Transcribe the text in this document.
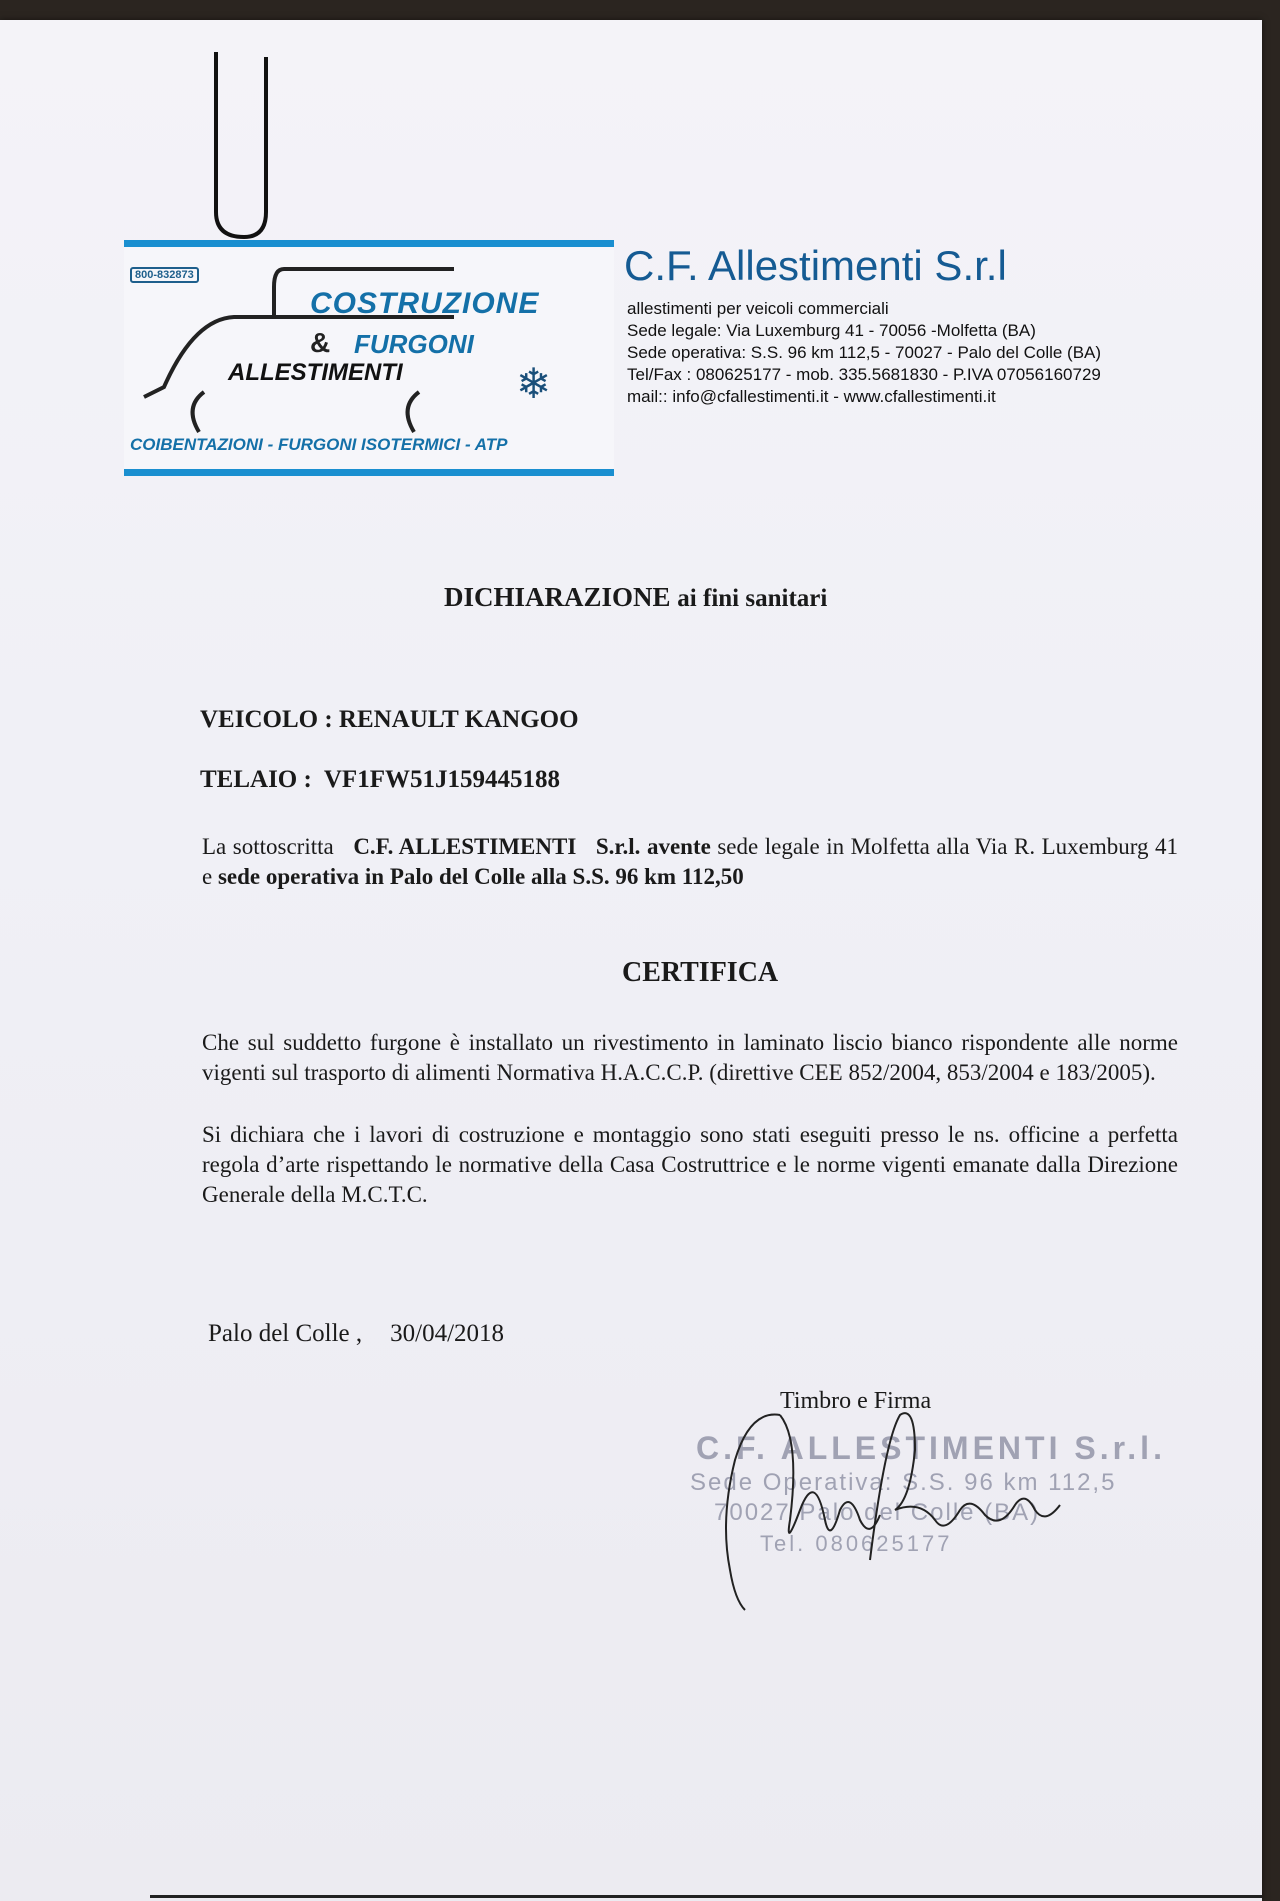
800-832873
COSTRUZIONE
& FURGONI
ALLESTIMENTI	❄
COIBENTAZIONI - FURGONI ISOTERMICI - ATP
C.F. Allestimenti S.r.l
allestimenti per veicoli commerciali
Sede legale: Via Luxemburg 41 - 70056 -Molfetta (BA)
Sede operativa: S.S. 96 km 112,5 - 70027 - Palo del Colle (BA)
Tel/Fax : 080625177 - mob. 335.5681830 - P.IVA 07056160729
mail:: info@cfallestimenti.it - www.cfallestimenti.it
DICHIARAZIONE ai fini sanitari
VEICOLO : RENAULT KANGOO
TELAIO :  VF1FW51J159445188
La sottoscritta C.F. ALLESTIMENTI S.r.l. avente sede legale in Molfetta alla Via R. Luxemburg 41 e sede operativa in Palo del Colle alla S.S. 96 km 112,50
CERTIFICA
Che sul suddetto furgone è installato un rivestimento in laminato liscio bianco rispondente alle norme vigenti sul trasporto di alimenti Normativa H.A.C.C.P. (direttive CEE 852/2004, 853/2004 e 183/2005).
Si dichiara che i lavori di costruzione e montaggio sono stati eseguiti presso le ns. officine a perfetta regola d’arte rispettando le normative della Casa Costruttrice e le norme vigenti emanate dalla Direzione Generale della M.C.T.C.
Palo del Colle , 30/04/2018
Timbro e Firma
C.F. ALLESTIMENTI S.r.l.
Sede Operativa: S.S. 96 km 112,5
70027 Palo del Colle (BA)
Tel. 080625177
